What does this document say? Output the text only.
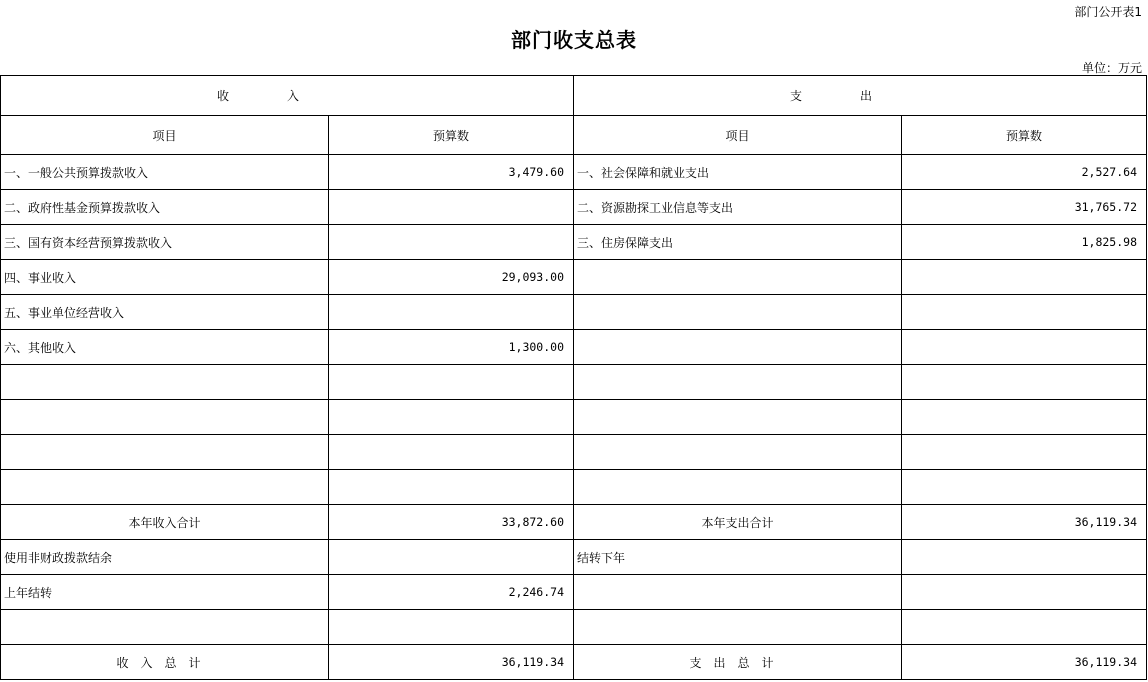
部门公开表1
部门收支总表
单位：万元
收入		支出	
项目	预算数	项目	预算数
一、一般公共预算拨款收入	3,479.60	一、社会保障和就业支出	2,527.64
二、政府性基金预算拨款收入		二、资源勘探工业信息等支出	31,765.72
三、国有资本经营预算拨款收入		三、住房保障支出	1,825.98
四、事业收入	29,093.00		
五、事业单位经营收入			
六、其他收入	1,300.00		

本年收入合计	33,872.60	本年支出合计	36,119.34
使用非财政拨款结余		结转下年	
上年结转	2,246.74		

收入总计	36,119.34	支出总计	36,119.34
